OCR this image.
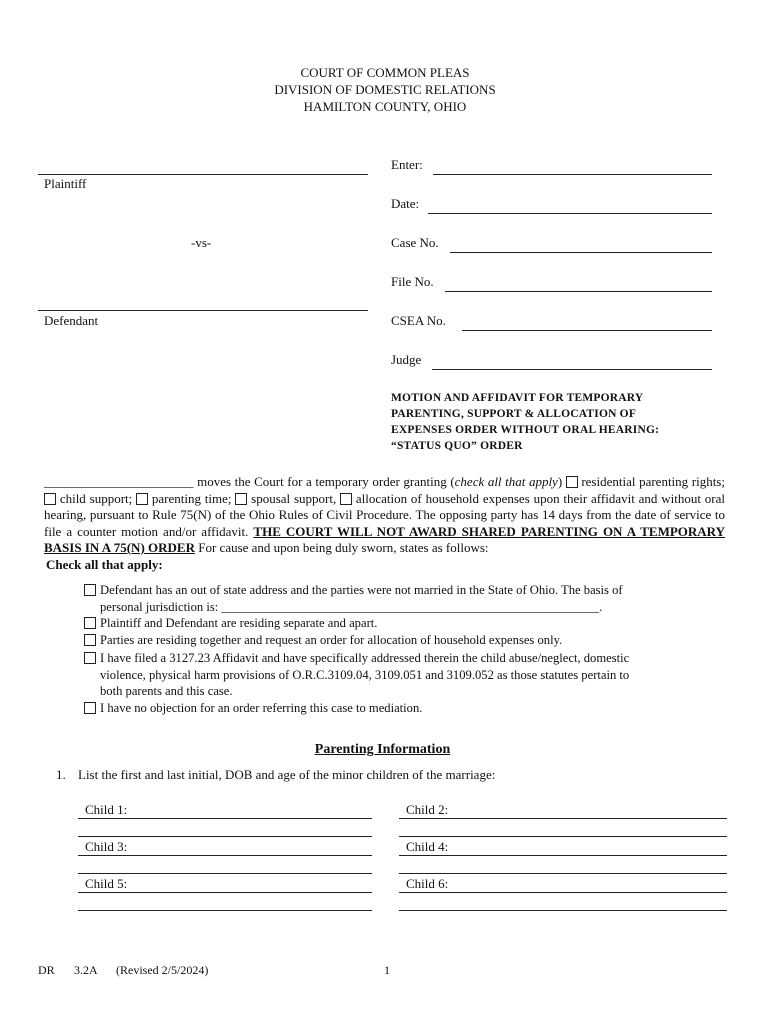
COURT OF COMMON PLEAS
DIVISION OF DOMESTIC RELATIONS
HAMILTON COUNTY, OHIO
Plaintiff
-vs-
Defendant
Enter:
Date:
Case No.
File No.
CSEA No.
Judge
MOTION AND AFFIDAVIT FOR TEMPORARY
PARENTING, SUPPORT & ALLOCATION OF
EXPENSES ORDER WITHOUT ORAL HEARING:
“STATUS QUO” ORDER
_______________________ moves the Court for a temporary order granting (check all that apply)  residential parenting rights;  child support;  parenting time;  spousal support,  allocation of household expenses upon their affidavit and without oral hearing, pursuant to Rule 75(N) of the Ohio Rules of Civil Procedure. The opposing party has 14 days from the date of service to file a counter motion and/or affidavit. THE COURT WILL NOT AWARD SHARED PARENTING ON A TEMPORARY BASIS IN A 75(N) ORDER For cause and upon being duly sworn, states as follows:
Check all that apply:
Defendant has an out of state address and the parties were not married in the State of Ohio. The basis of
personal jurisdiction is: ____________________________________________________________.
Plaintiff and Defendant are residing separate and apart.
Parties are residing together and request an order for allocation of household expenses only.
I have filed a 3127.23 Affidavit and have specifically addressed therein the child abuse/neglect, domestic
violence, physical harm provisions of O.R.C.3109.04, 3109.051 and 3109.052 as those statutes pertain to
both parents and this case.
I have no objection for an order referring this case to mediation.
Parenting Information
1. List the first and last initial, DOB and age of the minor children of the marriage:
Child 1:	Child 2:
Child 3:	Child 4:
Child 5:	Child 6:
DR 3.2A (Revised 2/5/2024)	1
